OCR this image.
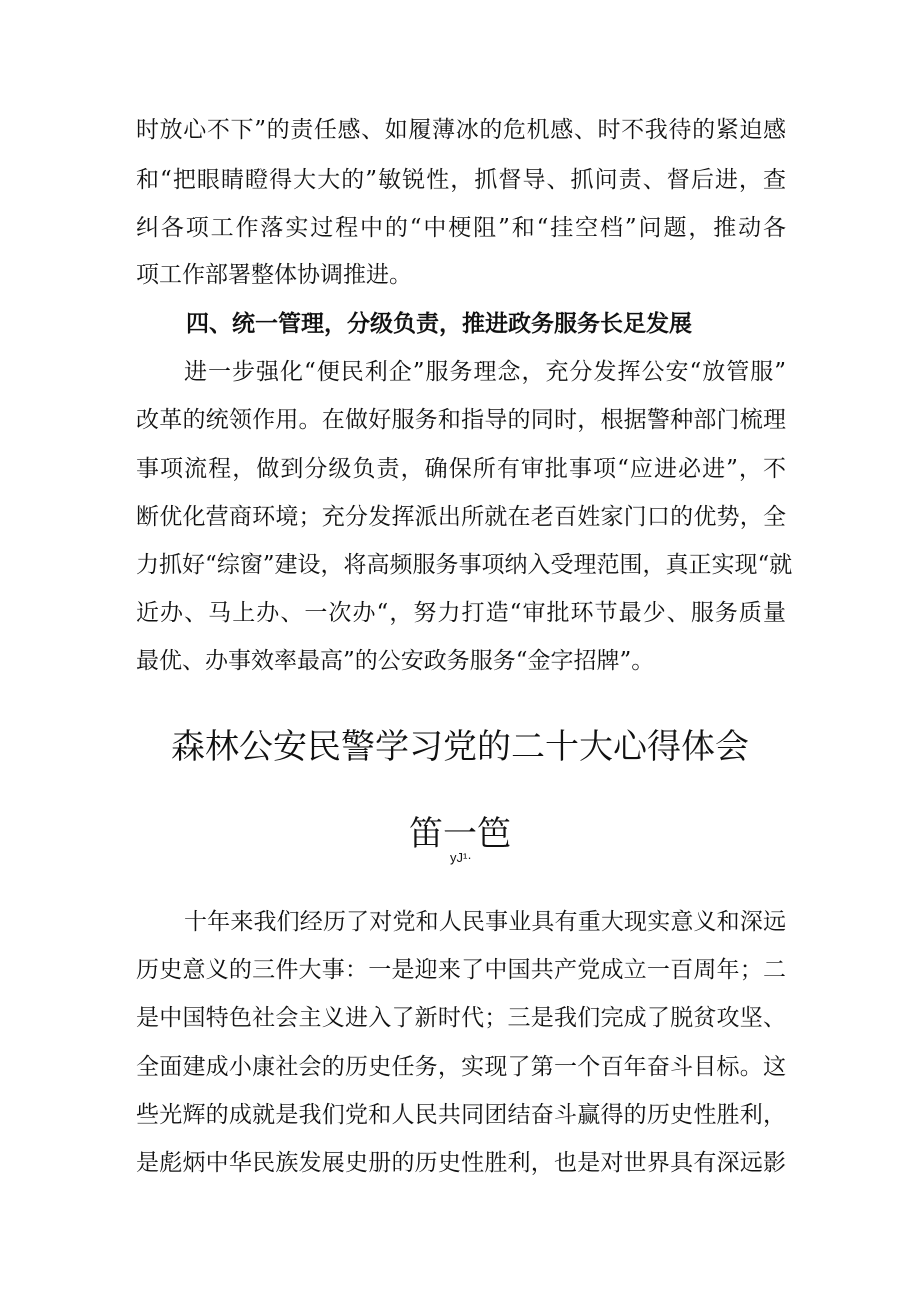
时放心不下”的责任感、如履薄冰的危机感、时不我待的紧迫感
和“把眼睛瞪得大大的”敏锐性，抓督导、抓问责、督后进，查
纠各项工作落实过程中的“中梗阻”和“挂空档”问题，推动各
项工作部署整体协调推进。
四、统一管理，分级负责，推进政务服务长足发展
进一步强化“便民利企”服务理念，充分发挥公安“放管服”
改革的统领作用。在做好服务和指导的同时，根据警种部门梳理
事项流程，做到分级负责，确保所有审批事项“应进必进”，不
断优化营商环境；充分发挥派出所就在老百姓家门口的优势，全
力抓好“综窗”建设，将高频服务事项纳入受理范围，真正实现“就
近办、马上办、一次办“，努力打造“审批环节最少、服务质量
最优、办事效率最高”的公安政务服务“金字招牌”。
森林公安民警学习党的二十大心得体会
笛一笆
yJ¹·
十年来我们经历了对党和人民事业具有重大现实意义和深远
历史意义的三件大事：一是迎来了中国共产党成立一百周年；二
是中国特色社会主义进入了新时代；三是我们完成了脱贫攻坚、
全面建成小康社会的历史任务，实现了第一个百年奋斗目标。这
些光辉的成就是我们党和人民共同团结奋斗赢得的历史性胜利，
是彪炳中华民族发展史册的历史性胜利，也是对世界具有深远影
